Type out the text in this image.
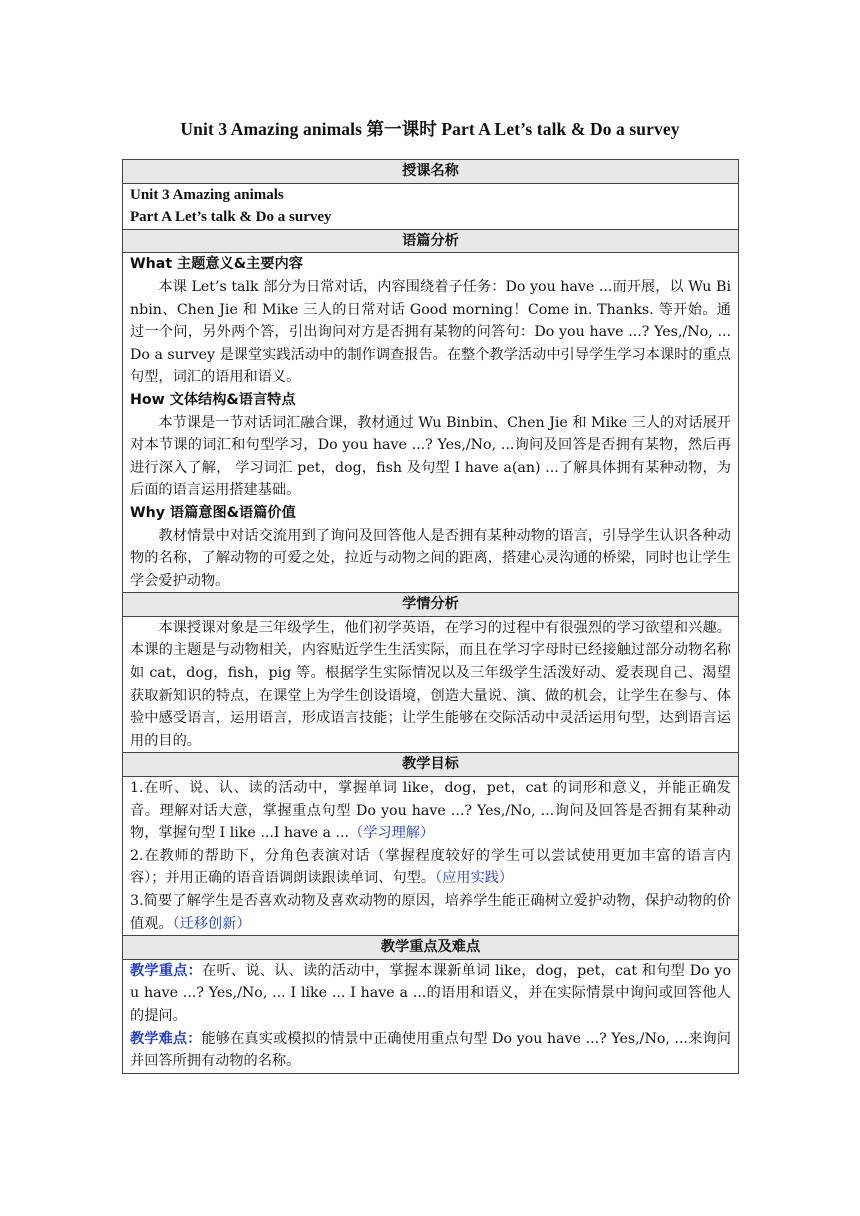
Unit 3 Amazing animals 第一课时 Part A Let’s talk & Do a survey
授课名称

Unit 3 Amazing animals
Part A Let’s talk & Do a survey

语篇分析

What 主题意义&主要内容

本课 Let’s talk 部分为日常对话，内容围绕着子任务：Do you have ...而开展，以 Wu Binbin、Chen Jie 和 Mike 三人的日常对话 Good morning！Come in. Thanks. 等开始。通过一个问，另外两个答，引出询问对方是否拥有某物的问答句：Do you have ...? Yes,/No, ...Do a survey 是课堂实践活动中的制作调查报告。在整个教学活动中引导学生学习本课时的重点句型，词汇的语用和语义。

How 文体结构&语言特点

本节课是一节对话词汇融合课，教材通过 Wu Binbin、Chen Jie 和 Mike 三人的对话展开对本节课的词汇和句型学习，Do you have ...? Yes,/No, ...询问及回答是否拥有某物，然后再进行深入了解， 学习词汇 pet，dog，fish 及句型 I have a(an) ...了解具体拥有某种动物，为后面的语言运用搭建基础。

Why 语篇意图&语篇价值

教材情景中对话交流用到了询问及回答他人是否拥有某种动物的语言，引导学生认识各种动物的名称，了解动物的可爱之处，拉近与动物之间的距离，搭建心灵沟通的桥梁，同时也让学生学会爱护动物。

学情分析

本课授课对象是三年级学生，他们初学英语，在学习的过程中有很强烈的学习欲望和兴趣。本课的主题是与动物相关，内容贴近学生生活实际，而且在学习字母时已经接触过部分动物名称如 cat，dog，fish，pig 等。根据学生实际情况以及三年级学生活泼好动、爱表现自己、渴望获取新知识的特点，在课堂上为学生创设语境，创造大量说、演、做的机会，让学生在参与、体验中感受语言，运用语言，形成语言技能；让学生能够在交际活动中灵活运用句型，达到语言运用的目的。

教学目标

1.在听、说、认、读的活动中，掌握单词 like，dog，pet，cat 的词形和意义，并能正确发音。理解对话大意，掌握重点句型 Do you have ...? Yes,/No, ...询问及回答是否拥有某种动物，掌握句型 I like ...I have a ...（学习理解）

2.在教师的帮助下，分角色表演对话（掌握程度较好的学生可以尝试使用更加丰富的语言内容）；并用正确的语音语调朗读跟读单词、句型。（应用实践）

3.简要了解学生是否喜欢动物及喜欢动物的原因，培养学生能正确树立爱护动物，保护动物的价值观。（迁移创新）

教学重点及难点

教学重点：在听、说、认、读的活动中，掌握本课新单词 like，dog，pet，cat 和句型 Do you have ...? Yes,/No, ... I like ... I have a ...的语用和语义，并在实际情景中询问或回答他人的提问。

教学难点：能够在真实或模拟的情景中正确使用重点句型 Do you have ...? Yes,/No, ...来询问并回答所拥有动物的名称。
